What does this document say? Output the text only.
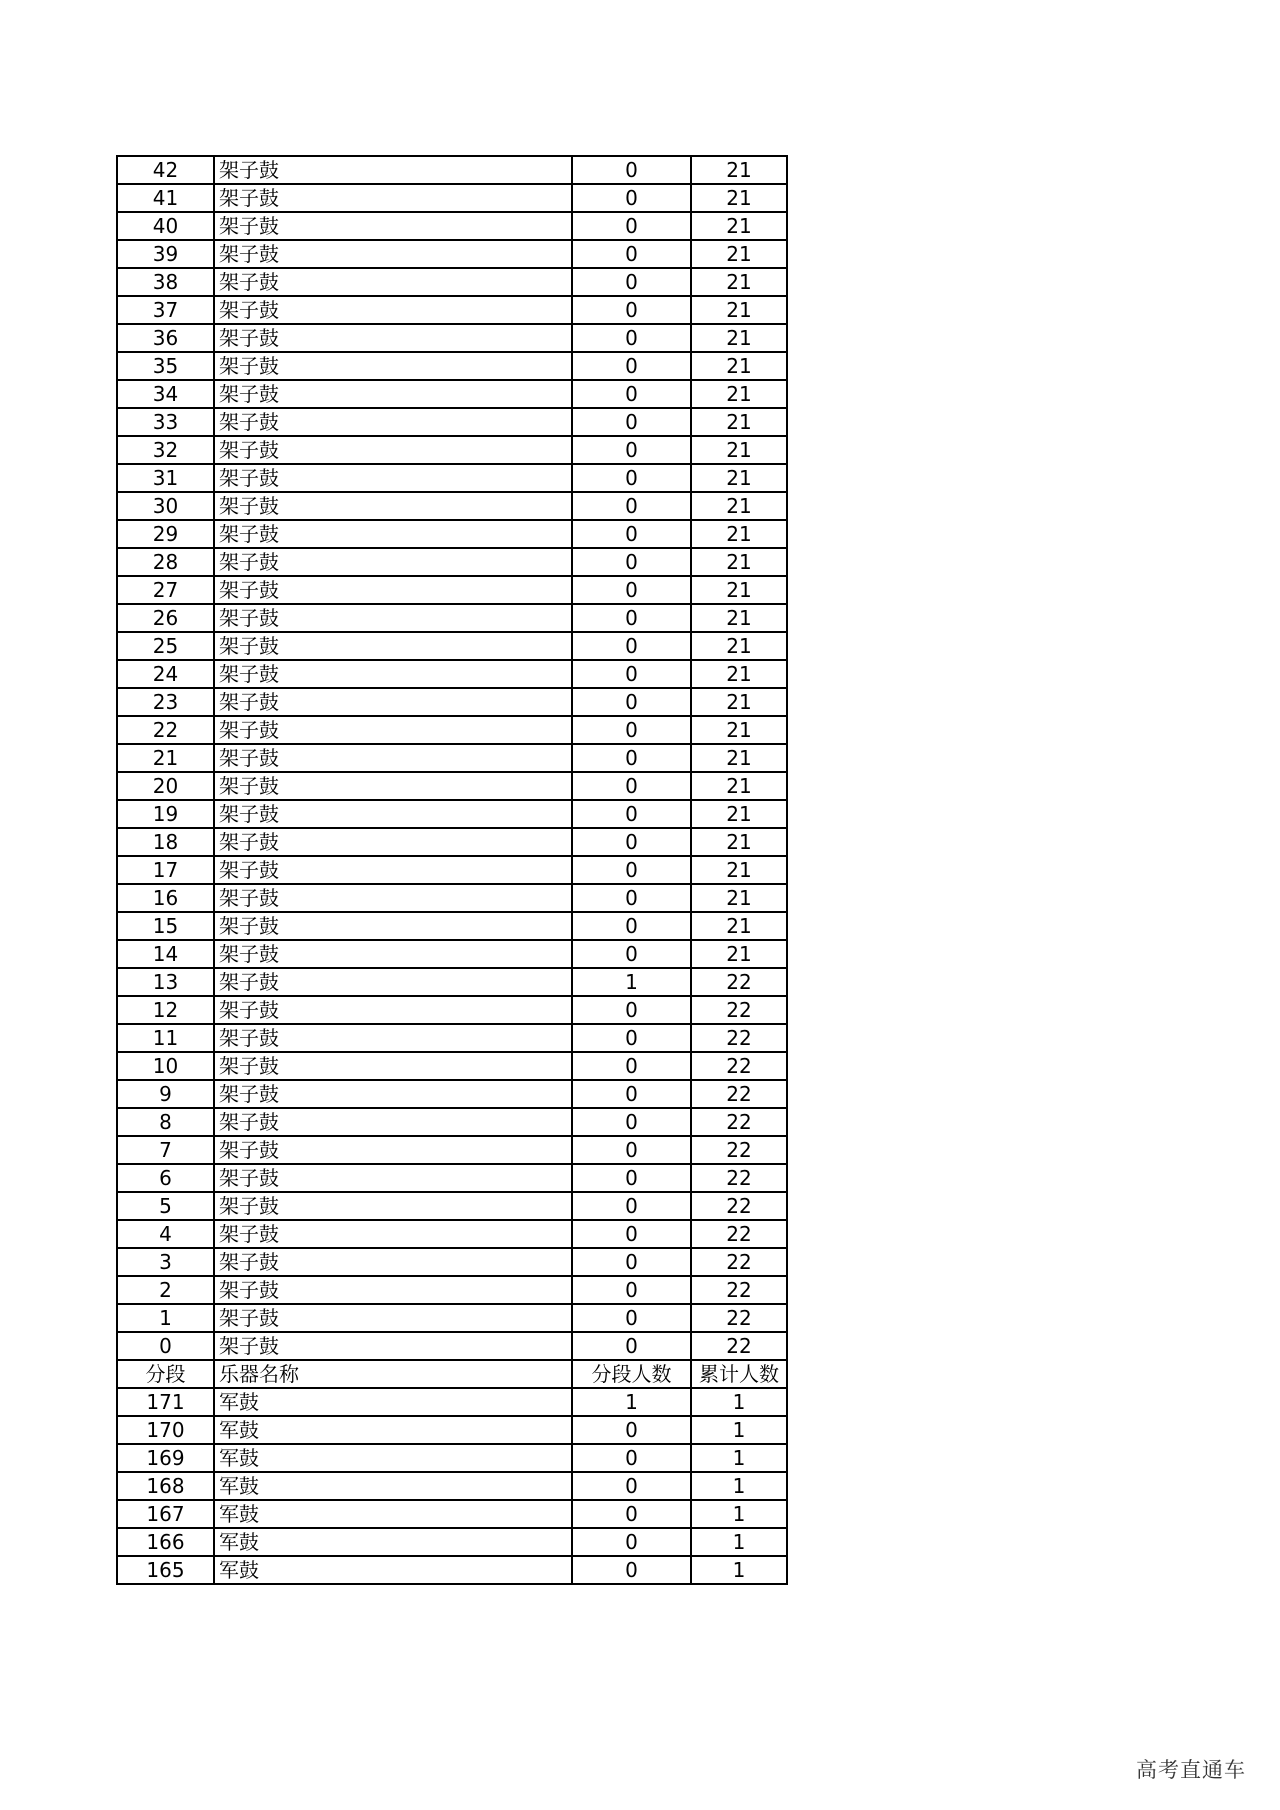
42	架子鼓	0	21
41	架子鼓	0	21
40	架子鼓	0	21
39	架子鼓	0	21
38	架子鼓	0	21
37	架子鼓	0	21
36	架子鼓	0	21
35	架子鼓	0	21
34	架子鼓	0	21
33	架子鼓	0	21
32	架子鼓	0	21
31	架子鼓	0	21
30	架子鼓	0	21
29	架子鼓	0	21
28	架子鼓	0	21
27	架子鼓	0	21
26	架子鼓	0	21
25	架子鼓	0	21
24	架子鼓	0	21
23	架子鼓	0	21
22	架子鼓	0	21
21	架子鼓	0	21
20	架子鼓	0	21
19	架子鼓	0	21
18	架子鼓	0	21
17	架子鼓	0	21
16	架子鼓	0	21
15	架子鼓	0	21
14	架子鼓	0	21
13	架子鼓	1	22
12	架子鼓	0	22
11	架子鼓	0	22
10	架子鼓	0	22
9	架子鼓	0	22
8	架子鼓	0	22
7	架子鼓	0	22
6	架子鼓	0	22
5	架子鼓	0	22
4	架子鼓	0	22
3	架子鼓	0	22
2	架子鼓	0	22
1	架子鼓	0	22
0	架子鼓	0	22
分段	乐器名称	分段人数	累计人数
171	军鼓	1	1
170	军鼓	0	1
169	军鼓	0	1
168	军鼓	0	1
167	军鼓	0	1
166	军鼓	0	1
165	军鼓	0	1
高考直通车
